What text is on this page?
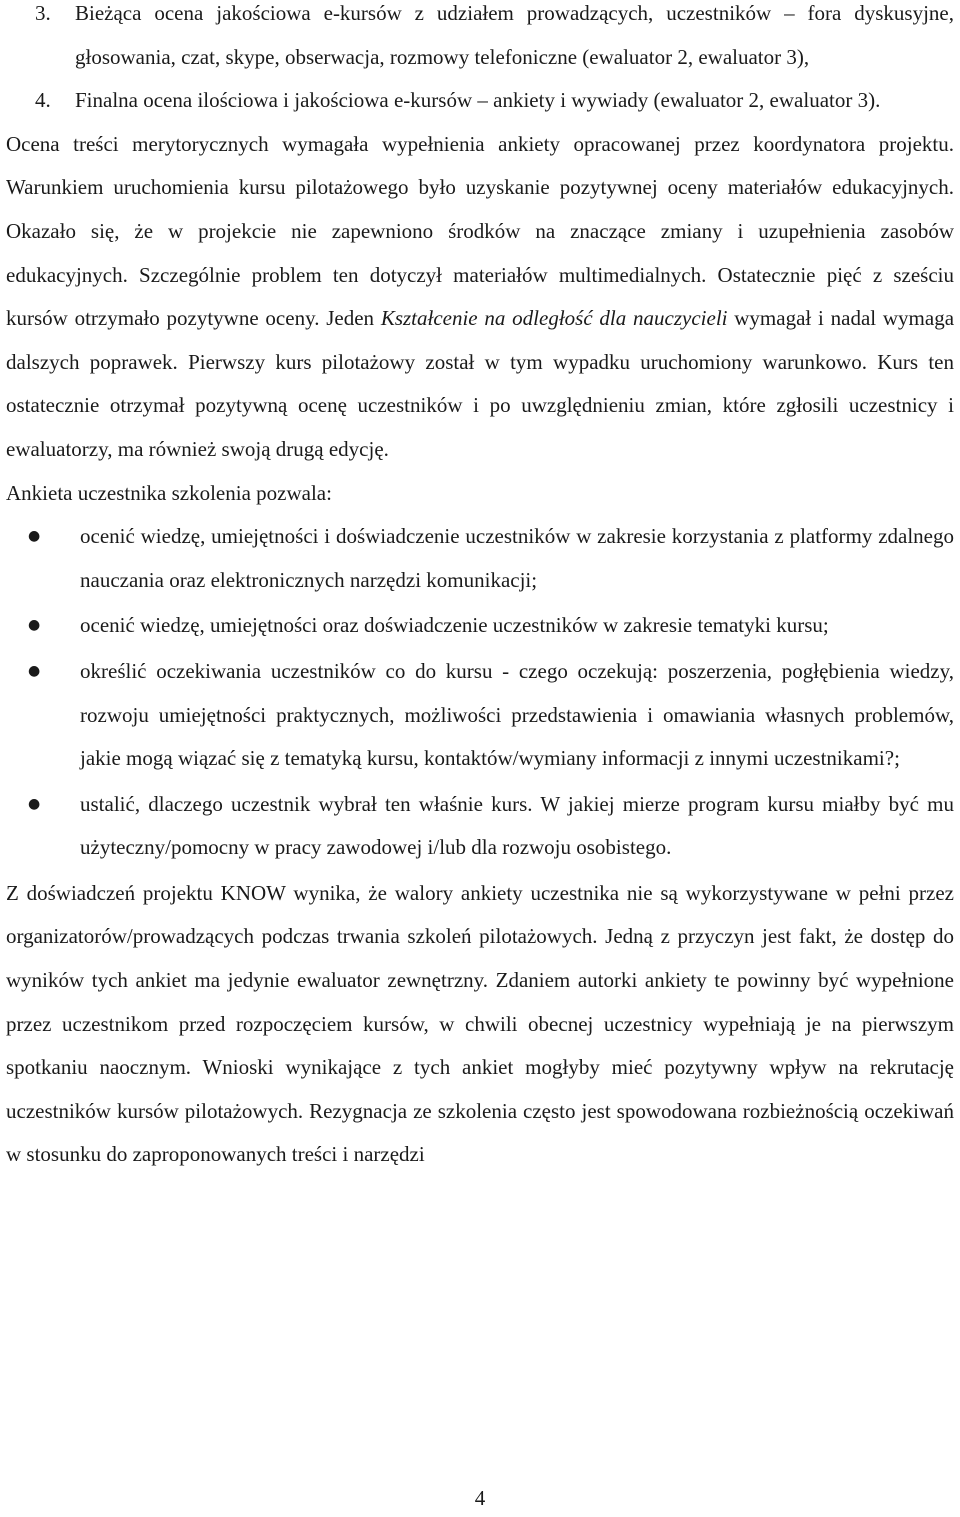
3.	Bieżąca ocena jakościowa e-kursów z udziałem prowadzących, uczestników – fora dyskusyjne, głosowania, czat, skype, obserwacja, rozmowy telefoniczne (ewaluator 2, ewaluator 3),

4.	Finalna ocena ilościowa i jakościowa e-kursów – ankiety i wywiady (ewaluator 2, ewaluator 3).

Ocena treści merytorycznych wymagała wypełnienia ankiety opracowanej przez koordynatora projektu. Warunkiem uruchomienia kursu pilotażowego było uzyskanie pozytywnej oceny materiałów edukacyjnych. Okazało się, że w projekcie nie zapewniono środków na znaczące zmiany i uzupełnienia zasobów edukacyjnych. Szczególnie problem ten dotyczył materiałów multimedialnych. Ostatecznie pięć z sześciu kursów otrzymało pozytywne oceny. Jeden Kształcenie na odległość dla nauczycieli wymagał i nadal wymaga dalszych poprawek. Pierwszy kurs pilotażowy został w tym wypadku uruchomiony warunkowo. Kurs ten ostatecznie otrzymał pozytywną ocenę uczestników i po uwzględnieniu zmian, które zgłosili uczestnicy i ewaluatorzy, ma również swoją drugą edycję.

Ankieta uczestnika szkolenia pozwala:

● ocenić wiedzę, umiejętności i doświadczenie uczestników w zakresie korzystania z platformy zdalnego nauczania oraz elektronicznych narzędzi komunikacji;
● ocenić wiedzę, umiejętności oraz doświadczenie uczestników w zakresie tematyki kursu;
● określić oczekiwania uczestników co do kursu - czego oczekują: poszerzenia, pogłębienia wiedzy, rozwoju umiejętności praktycznych, możliwości przedstawienia i omawiania własnych problemów, jakie mogą wiązać się z tematyką kursu, kontaktów/wymiany informacji z innymi uczestnikami?;
● ustalić, dlaczego uczestnik wybrał ten właśnie kurs. W jakiej mierze program kursu miałby być mu użyteczny/pomocny w pracy zawodowej i/lub dla rozwoju osobistego.

Z doświadczeń projektu KNOW wynika, że walory ankiety uczestnika nie są wykorzystywane w pełni przez organizatorów/prowadzących podczas trwania szkoleń pilotażowych. Jedną z przyczyn jest fakt, że dostęp do wyników tych ankiet ma jedynie ewaluator zewnętrzny. Zdaniem autorki ankiety te powinny być wypełnione przez uczestnikom przed rozpoczęciem kursów, w chwili obecnej uczestnicy wypełniają je na pierwszym spotkaniu naocznym. Wnioski wynikające z tych ankiet mogłyby mieć pozytywny wpływ na rekrutację uczestników kursów pilotażowych. Rezygnacja ze szkolenia często jest spowodowana rozbieżnością oczekiwań w stosunku do zaproponowanych treści i narzędzi

4
